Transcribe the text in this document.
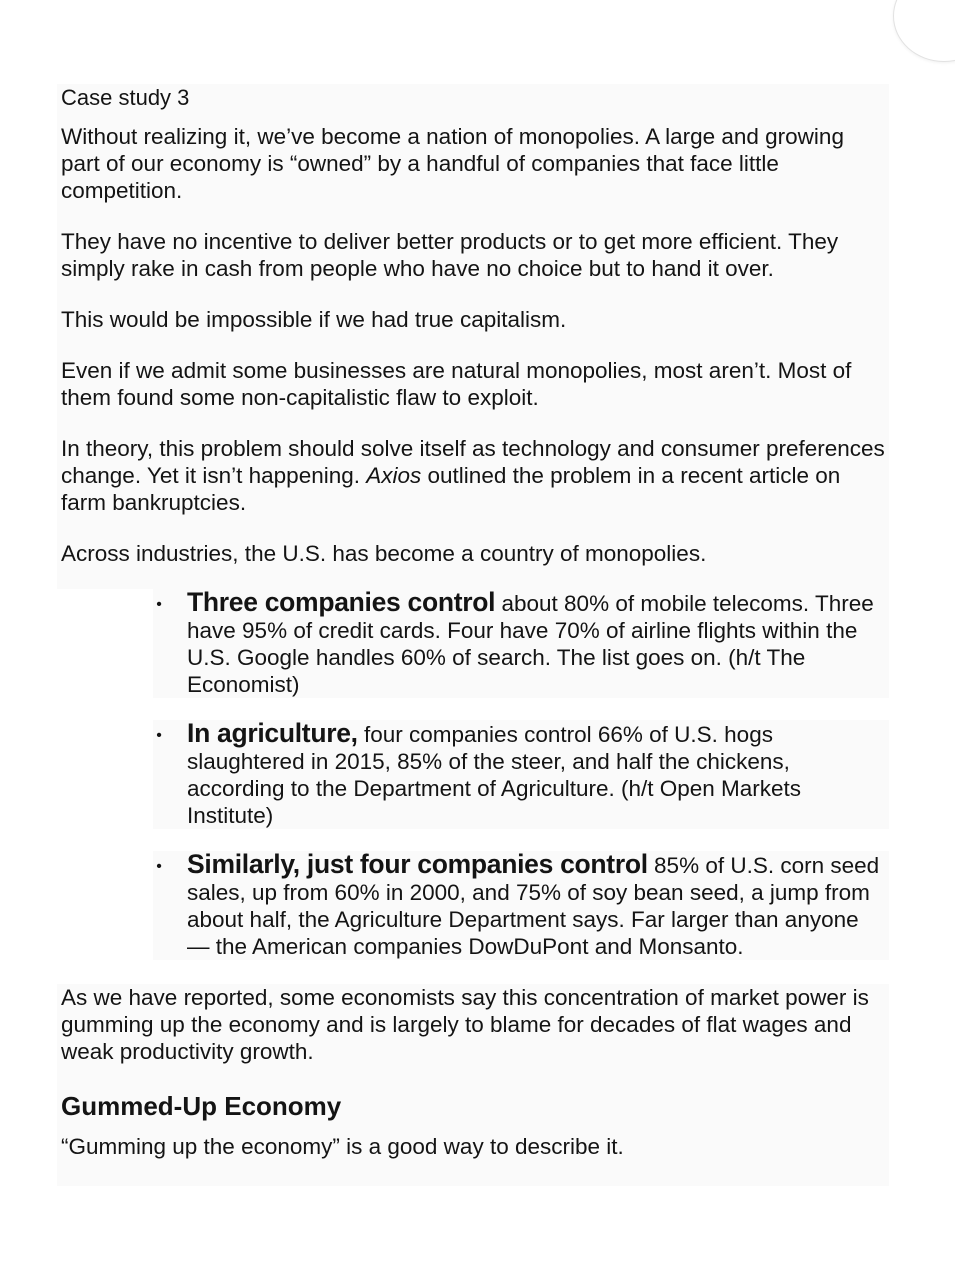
Case study 3

Without realizing it, we’ve become a nation of monopolies. A large and growing part of our economy is “owned” by a handful of companies that face little competition.

They have no incentive to deliver better products or to get more efficient. They simply rake in cash from people who have no choice but to hand it over.

This would be impossible if we had true capitalism.

Even if we admit some businesses are natural monopolies, most aren’t. Most of them found some non-capitalistic flaw to exploit.

In theory, this problem should solve itself as technology and consumer preferences change. Yet it isn’t happening. Axios outlined the problem in a recent article on farm bankruptcies.

Across industries, the U.S. has become a country of monopolies.

• Three companies control about 80% of mobile telecoms. Three have 95% of credit cards. Four have 70% of airline flights within the U.S. Google handles 60% of search. The list goes on. (h/t The Economist)
• In agriculture, four companies control 66% of U.S. hogs slaughtered in 2015, 85% of the steer, and half the chickens, according to the Department of Agriculture. (h/t Open Markets Institute)
• Similarly, just four companies control 85% of U.S. corn seed sales, up from 60% in 2000, and 75% of soy bean seed, a jump from about half, the Agriculture Department says. Far larger than anyone — the American companies DowDuPont and Monsanto.

As we have reported, some economists say this concentration of market power is gumming up the economy and is largely to blame for decades of flat wages and weak productivity growth.

Gummed-Up Economy

“Gumming up the economy” is a good way to describe it.
